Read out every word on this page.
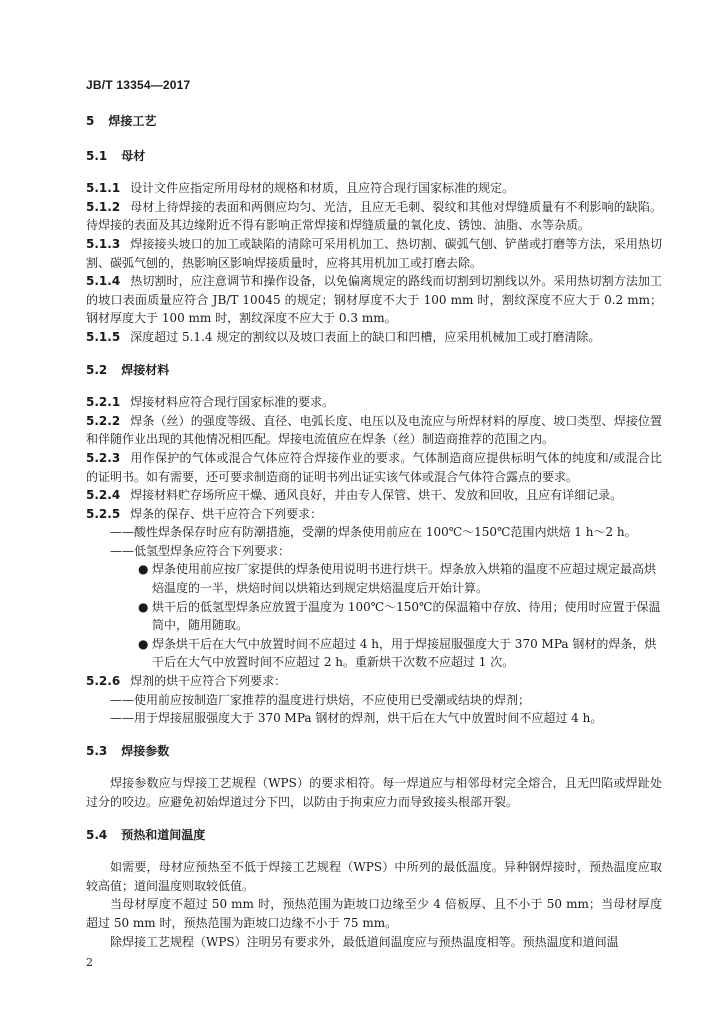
JB/T 13354—2017

5 焊接工艺

5.1 母材

5.1.1 设计文件应指定所用母材的规格和材质，且应符合现行国家标准的规定。

5.1.2 母材上待焊接的表面和两侧应均匀、光洁，且应无毛刺、裂纹和其他对焊缝质量有不利影响的缺陷。待焊接的表面及其边缘附近不得有影响正常焊接和焊缝质量的氧化皮、锈蚀、油脂、水等杂质。

5.1.3 焊接接头坡口的加工或缺陷的清除可采用机加工、热切割、碳弧气刨、铲凿或打磨等方法，采用热切割、碳弧气刨的，热影响区影响焊接质量时，应将其用机加工或打磨去除。

5.1.4 热切割时，应注意调节和操作设备，以免偏离规定的路线而切割到切割线以外。采用热切割方法加工的坡口表面质量应符合 JB/T 10045 的规定；钢材厚度不大于 100 mm 时，割纹深度不应大于 0.2 mm；钢材厚度大于 100 mm 时，割纹深度不应大于 0.3 mm。

5.1.5 深度超过 5.1.4 规定的割纹以及坡口表面上的缺口和凹槽，应采用机械加工或打磨清除。

5.2 焊接材料

5.2.1 焊接材料应符合现行国家标准的要求。

5.2.2 焊条（丝）的强度等级、直径、电弧长度、电压以及电流应与所焊材料的厚度、坡口类型、焊接位置和伴随作业出现的其他情况相匹配。焊接电流值应在焊条（丝）制造商推荐的范围之内。

5.2.3 用作保护的气体或混合气体应符合焊接作业的要求。气体制造商应提供标明气体的纯度和/或混合比的证明书。如有需要，还可要求制造商的证明书列出证实该气体或混合气体符合露点的要求。

5.2.4 焊接材料贮存场所应干燥、通风良好，并由专人保管、烘干、发放和回收，且应有详细记录。

5.2.5 焊条的保存、烘干应符合下列要求：

——酸性焊条保存时应有防潮措施，受潮的焊条使用前应在 100℃～150℃范围内烘焙 1 h～2 h。

——低氢型焊条应符合下列要求：

● 焊条使用前应按厂家提供的焊条使用说明书进行烘干。焊条放入烘箱的温度不应超过规定最高烘焙温度的一半，烘焙时间以烘箱达到规定烘焙温度后开始计算。
● 烘干后的低氢型焊条应放置于温度为 100℃～150℃的保温箱中存放、待用；使用时应置于保温筒中，随用随取。
● 焊条烘干后在大气中放置时间不应超过 4 h，用于焊接屈服强度大于 370 MPa 钢材的焊条，烘干后在大气中放置时间不应超过 2 h。重新烘干次数不应超过 1 次。

5.2.6 焊剂的烘干应符合下列要求：

——使用前应按制造厂家推荐的温度进行烘焙，不应使用已受潮或结块的焊剂；

——用于焊接屈服强度大于 370 MPa 钢材的焊剂，烘干后在大气中放置时间不应超过 4 h。

5.3 焊接参数

焊接参数应与焊接工艺规程（WPS）的要求相符。每一焊道应与相邻母材完全熔合，且无凹陷或焊趾处过分的咬边。应避免初始焊道过分下凹，以防由于拘束应力而导致接头根部开裂。

5.4 预热和道间温度

如需要，母材应预热至不低于焊接工艺规程（WPS）中所列的最低温度。异种钢焊接时，预热温度应取较高值；道间温度则取较低值。

当母材厚度不超过 50 mm 时，预热范围为距坡口边缘至少 4 倍板厚、且不小于 50 mm；当母材厚度超过 50 mm 时，预热范围为距坡口边缘不小于 75 mm。

除焊接工艺规程（WPS）注明另有要求外，最低道间温度应与预热温度相等。预热温度和道间温

2
